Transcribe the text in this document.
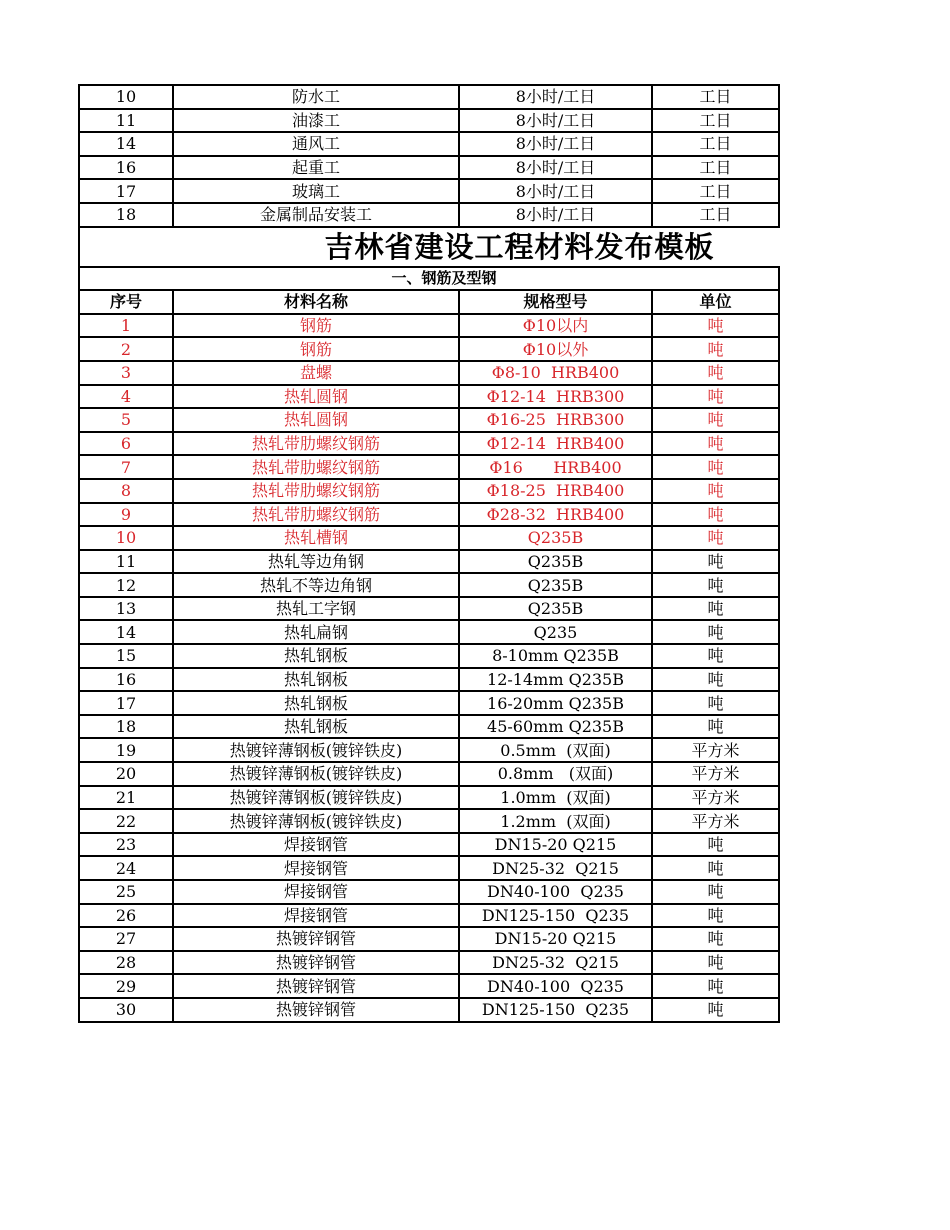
10	防水工	8小时/工日	工日
11	油漆工	8小时/工日	工日
14	通风工	8小时/工日	工日
16	起重工	8小时/工日	工日
17	玻璃工	8小时/工日	工日
18	金属制品安装工	8小时/工日	工日
吉林省建设工程材料发布模板			
一、钢筋及型钢			
序号	材料名称	规格型号	单位
1	钢筋	Φ10以内	吨
2	钢筋	Φ10以外	吨
3	盘螺	Φ8-10  HRB400	吨
4	热轧圆钢	Φ12-14  HRB300	吨
5	热轧圆钢	Φ16-25  HRB300	吨
6	热轧带肋螺纹钢筋	Φ12-14  HRB400	吨
7	热轧带肋螺纹钢筋	Φ16      HRB400	吨
8	热轧带肋螺纹钢筋	Φ18-25  HRB400	吨
9	热轧带肋螺纹钢筋	Φ28-32  HRB400	吨
10	热轧槽钢	Q235B	吨
11	热轧等边角钢	Q235B	吨
12	热轧不等边角钢	Q235B	吨
13	热轧工字钢	Q235B	吨
14	热轧扁钢	Q235	吨
15	热轧钢板	8-10mm Q235B	吨
16	热轧钢板	12-14mm Q235B	吨
17	热轧钢板	16-20mm Q235B	吨
18	热轧钢板	45-60mm Q235B	吨
19	热镀锌薄钢板(镀锌铁皮)	0.5mm  (双面)	平方米
20	热镀锌薄钢板(镀锌铁皮)	0.8mm   (双面)	平方米
21	热镀锌薄钢板(镀锌铁皮)	1.0mm  (双面)	平方米
22	热镀锌薄钢板(镀锌铁皮)	1.2mm  (双面)	平方米
23	焊接钢管	DN15-20 Q215	吨
24	焊接钢管	DN25-32  Q215	吨
25	焊接钢管	DN40-100  Q235	吨
26	焊接钢管	DN125-150  Q235	吨
27	热镀锌钢管	DN15-20 Q215	吨
28	热镀锌钢管	DN25-32  Q215	吨
29	热镀锌钢管	DN40-100  Q235	吨
30	热镀锌钢管	DN125-150  Q235	吨
